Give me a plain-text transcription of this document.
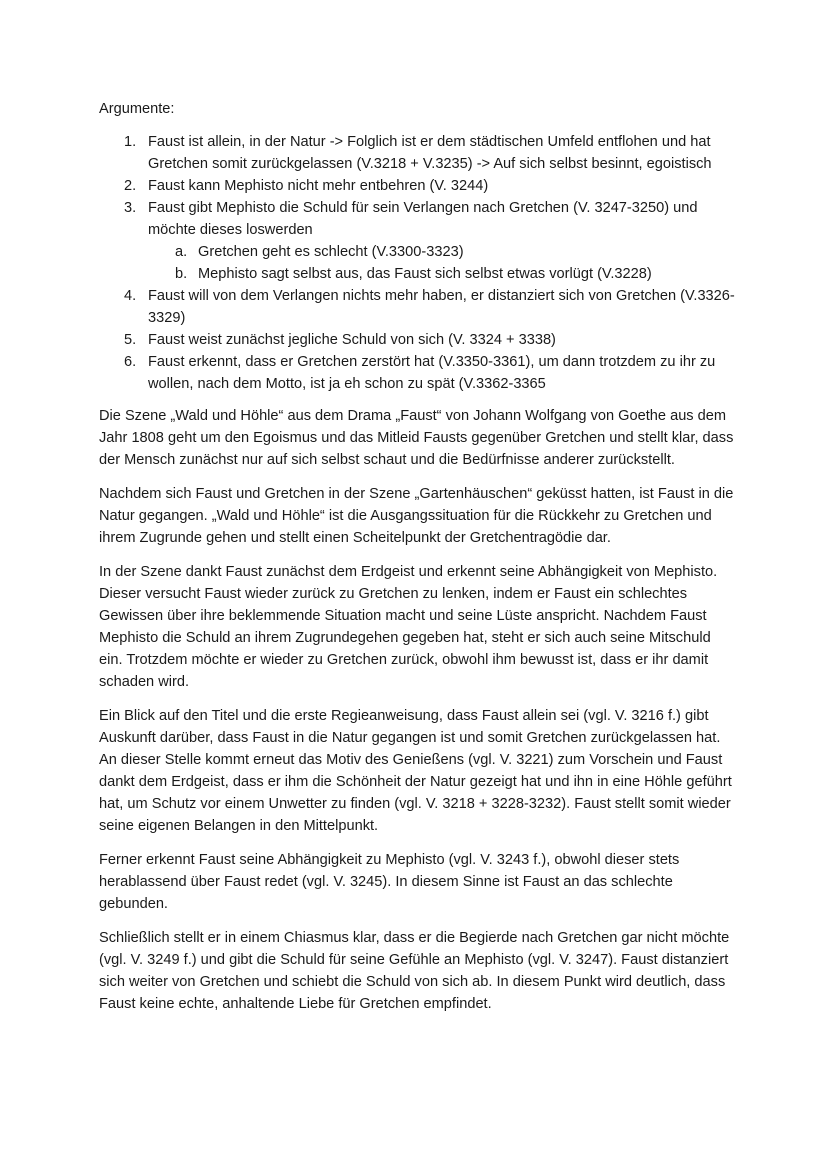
Argumente:
1. Faust ist allein, in der Natur -> Folglich ist er dem städtischen Umfeld entflohen und hat Gretchen somit zurückgelassen (V.3218 + V.3235) -> Auf sich selbst besinnt, egoistisch
2. Faust kann Mephisto nicht mehr entbehren (V. 3244)
3. Faust gibt Mephisto die Schuld für sein Verlangen nach Gretchen (V. 3247-3250) und möchte dieses loswerden
a. Gretchen geht es schlecht (V.3300-3323)
b. Mephisto sagt selbst aus, das Faust sich selbst etwas vorlügt (V.3228)
4. Faust will von dem Verlangen nichts mehr haben, er distanziert sich von Gretchen (V.3326-3329)
5. Faust weist zunächst jegliche Schuld von sich (V. 3324 + 3338)
6. Faust erkennt, dass er Gretchen zerstört hat (V.3350-3361), um dann trotzdem zu ihr zu wollen, nach dem Motto, ist ja eh schon zu spät (V.3362-3365

Die Szene „Wald und Höhle“ aus dem Drama „Faust“ von Johann Wolfgang von Goethe aus dem Jahr 1808 geht um den Egoismus und das Mitleid Fausts gegenüber Gretchen und stellt klar, dass der Mensch zunächst nur auf sich selbst schaut und die Bedürfnisse anderer zurückstellt.

Nachdem sich Faust und Gretchen in der Szene „Gartenhäuschen“ geküsst hatten, ist Faust in die Natur gegangen. „Wald und Höhle“ ist die Ausgangssituation für die Rückkehr zu Gretchen und ihrem Zugrunde gehen und stellt einen Scheitelpunkt der Gretchentragödie dar.

In der Szene dankt Faust zunächst dem Erdgeist und erkennt seine Abhängigkeit von Mephisto. Dieser versucht Faust wieder zurück zu Gretchen zu lenken, indem er Faust ein schlechtes Gewissen über ihre beklemmende Situation macht und seine Lüste anspricht. Nachdem Faust Mephisto die Schuld an ihrem Zugrundegehen gegeben hat, steht er sich auch seine Mitschuld ein. Trotzdem möchte er wieder zu Gretchen zurück, obwohl ihm bewusst ist, dass er ihr damit schaden wird.

Ein Blick auf den Titel und die erste Regieanweisung, dass Faust allein sei (vgl. V. 3216 f.) gibt Auskunft darüber, dass Faust in die Natur gegangen ist und somit Gretchen zurückgelassen hat. An dieser Stelle kommt erneut das Motiv des Genießens (vgl. V. 3221) zum Vorschein und Faust dankt dem Erdgeist, dass er ihm die Schönheit der Natur gezeigt hat und ihn in eine Höhle geführt hat, um Schutz vor einem Unwetter zu finden (vgl. V. 3218 + 3228-3232). Faust stellt somit wieder seine eigenen Belangen in den Mittelpunkt.

Ferner erkennt Faust seine Abhängigkeit zu Mephisto (vgl. V. 3243 f.), obwohl dieser stets herablassend über Faust redet (vgl. V. 3245). In diesem Sinne ist Faust an das schlechte gebunden.

Schließlich stellt er in einem Chiasmus klar, dass er die Begierde nach Gretchen gar nicht möchte (vgl. V. 3249 f.) und gibt die Schuld für seine Gefühle an Mephisto (vgl. V. 3247). Faust distanziert sich weiter von Gretchen und schiebt die Schuld von sich ab. In diesem Punkt wird deutlich, dass Faust keine echte, anhaltende Liebe für Gretchen empfindet.
